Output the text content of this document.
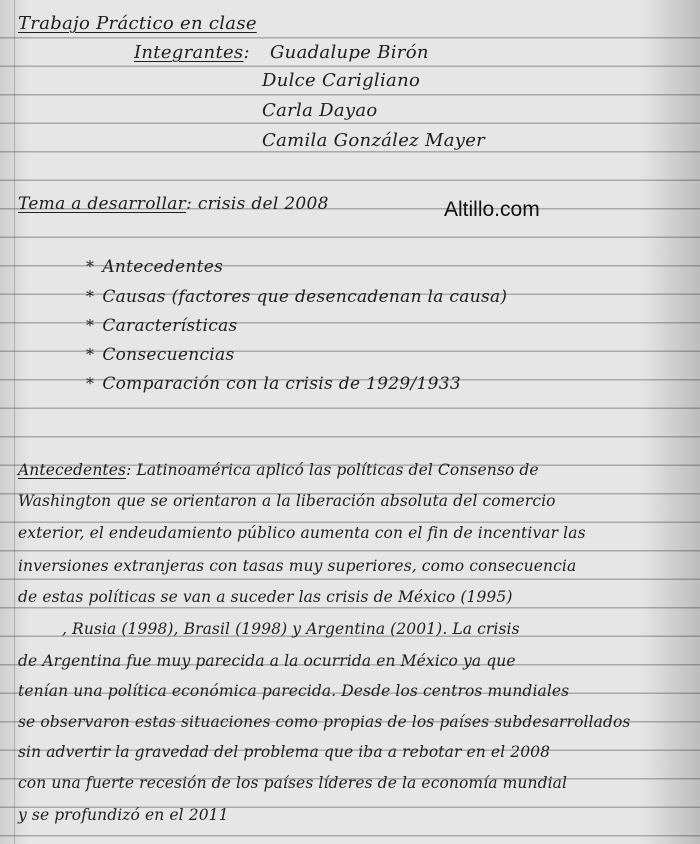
Trabajo Práctico en clase
Integrantes: Guadalupe Birón
Dulce Carigliano
Carla Dayao
Camila González Mayer
Altillo.com
Tema a desarrollar: crisis del 2008
* Antecedentes
* Causas (factores que desencadenan la causa)
* Características
* Consecuencias
* Comparación con la crisis de 1929/1933
Antecedentes: Latinoamérica aplicó las políticas del Consenso de
Washington que se orientaron a la liberación absoluta del comercio
exterior, el endeudamiento público aumenta con el fin de incentivar las
inversiones extranjeras con tasas muy superiores, como consecuencia
de estas políticas se van a suceder las crisis de México (1995)
, Rusia (1998), Brasil (1998) y Argentina (2001). La crisis
de Argentina fue muy parecida a la ocurrida en México ya que
tenían una política económica parecida. Desde los centros mundiales
se observaron estas situaciones como propias de los países subdesarrollados
sin advertir la gravedad del problema que iba a rebotar en el 2008
con una fuerte recesión de los países líderes de la economía mundial
y se profundizó en el 2011
